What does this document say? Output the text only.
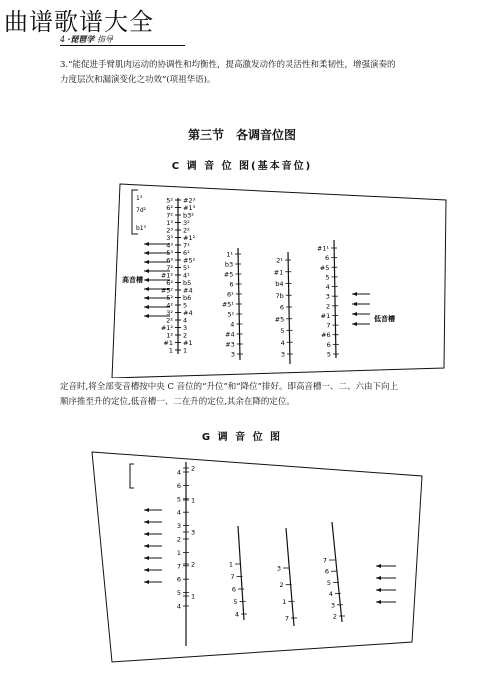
曲谱歌谱大全
4 ·琵琶学 指导
3.“能促进手臂肌肉运动的协调性和均衡性，提高激发动作的灵活性和柔韧性，增强演奏的
力度层次和漏演变化之功效”(项祖华语)。
第三节　各调音位图
C 调 音 位 图(基本音位)
1³
7d²
b1³
高音槽
5²
6²
7²
1³
2³
3³
4³
5³
6³
7²
#1²
6²
#5²
5²
4²
3²
2²
#1²
1²
#1
1
#2³
#1³
b3²
3²
2²
#1²
7¹
6¹
#5¹
5¹
4¹
b5
#4
b6
5
#4
4
3
2
#1
1
1¹
b3
#5
6
6¹
#5¹
5¹
4
#4
#3
3
2¹
#1
b4
7b
6
#5
5
4
3
#1¹
6
#5
5
4
3
2
#1
7
#6
6
5
低音槽
定音时,将全部变音槽按中央 C 音位的“升位”和“降位”排好。即高音槽一、二、六由下向上
顺序推至升的定位,低音槽一、二在升的定位,其余在降的定位。
G 调 音 位 图
4
6
5
4
3
2
1
7
6
5
4
2
1
3
2
1
1
7
6
5
4
3
2
1
7
7
6
5
4
3
2
